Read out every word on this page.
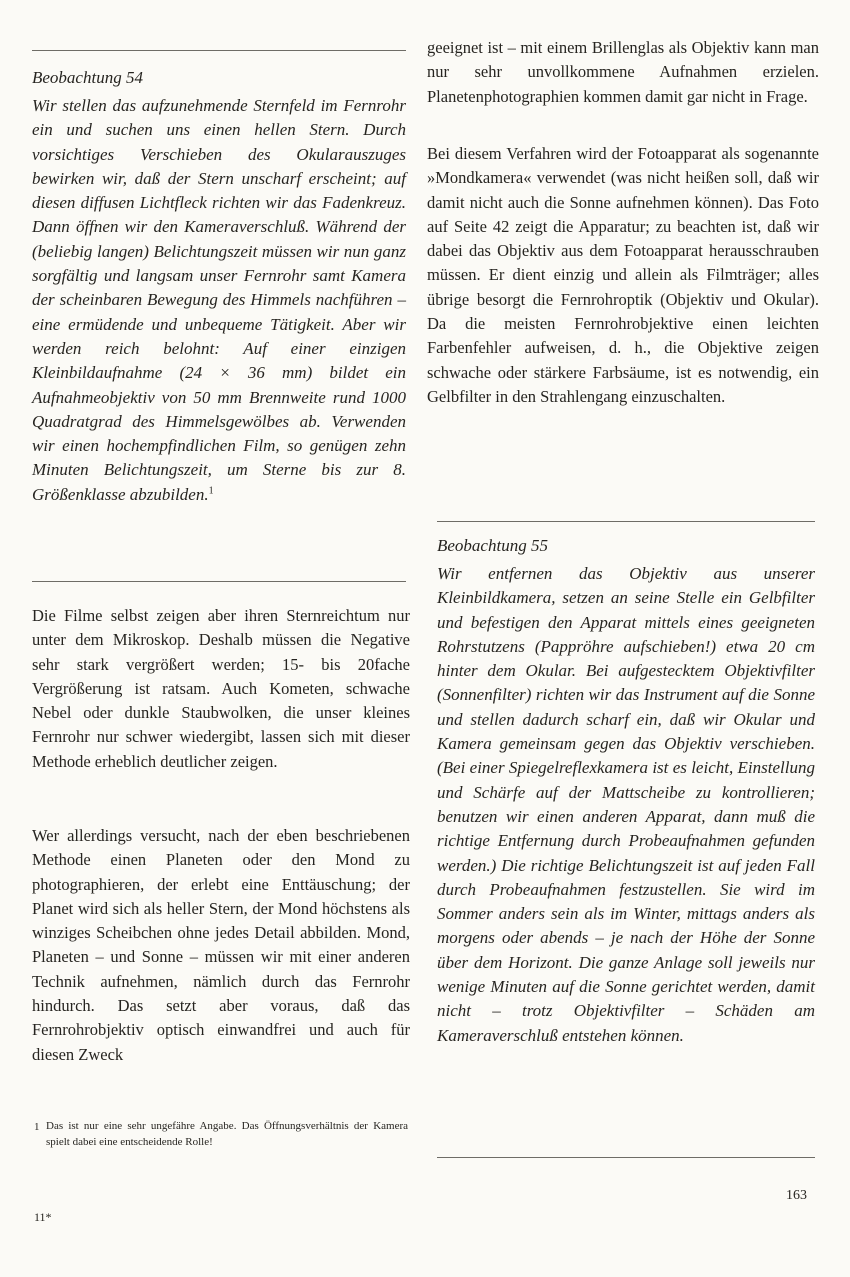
Beobachtung 54

Wir stellen das aufzunehmende Sternfeld im Fernrohr ein und suchen uns einen hellen Stern. Durch vorsichtiges Verschieben des Okularauszuges bewirken wir, daß der Stern unscharf erscheint; auf diesen diffusen Lichtfleck richten wir das Fadenkreuz. Dann öffnen wir den Kameraverschluß. Während der (beliebig langen) Belichtungszeit müssen wir nun ganz sorgfältig und langsam unser Fernrohr samt Kamera der scheinbaren Bewegung des Himmels nachführen – eine ermüdende und unbequeme Tätigkeit. Aber wir werden reich belohnt: Auf einer einzigen Kleinbildaufnahme (24 × 36 mm) bildet ein Aufnahmeobjektiv von 50 mm Brennweite rund 1000 Quadratgrad des Himmelsgewölbes ab. Verwenden wir einen hochempfindlichen Film, so genügen zehn Minuten Belichtungszeit, um Sterne bis zur 8. Größenklasse abzubilden.$^1$

Die Filme selbst zeigen aber ihren Sternreichtum nur unter dem Mikroskop. Deshalb müssen die Negative sehr stark vergrößert werden; 15- bis 20fache Vergrößerung ist ratsam. Auch Kometen, schwache Nebel oder dunkle Staubwolken, die unser kleines Fernrohr nur schwer wiedergibt, lassen sich mit dieser Methode erheblich deutlicher zeigen.

Wer allerdings versucht, nach der eben beschriebenen Methode einen Planeten oder den Mond zu photographieren, der erlebt eine Enttäuschung; der Planet wird sich als heller Stern, der Mond höchstens als winziges Scheibchen ohne jedes Detail abbilden. Mond, Planeten – und Sonne – müssen wir mit einer anderen Technik aufnehmen, nämlich durch das Fernrohr hindurch. Das setzt aber voraus, daß das Fernrohrobjektiv optisch einwandfrei und auch für diesen Zweck

1 Das ist nur eine sehr ungefähre Angabe. Das Öffnungsverhältnis der Kamera spielt dabei eine entscheidende Rolle!
11*

geeignet ist – mit einem Brillenglas als Objektiv kann man nur sehr unvollkommene Aufnahmen erzielen. Planetenphotographien kommen damit gar nicht in Frage.

Bei diesem Verfahren wird der Fotoapparat als sogenannte »Mondkamera« verwendet (was nicht heißen soll, daß wir damit nicht auch die Sonne aufnehmen können). Das Foto auf Seite 42 zeigt die Apparatur; zu beachten ist, daß wir dabei das Objektiv aus dem Fotoapparat herausschrauben müssen. Er dient einzig und allein als Filmträger; alles übrige besorgt die Fernrohroptik (Objektiv und Okular). Da die meisten Fernrohrobjektive einen leichten Farbenfehler aufweisen, d. h., die Objektive zeigen schwache oder stärkere Farbsäume, ist es notwendig, ein Gelbfilter in den Strahlengang einzuschalten.

Beobachtung 55

Wir entfernen das Objektiv aus unserer Kleinbildkamera, setzen an seine Stelle ein Gelbfilter und befestigen den Apparat mittels eines geeigneten Rohrstutzens (Pappröhre aufschieben!) etwa 20 cm hinter dem Okular. Bei aufgestecktem Objektivfilter (Sonnenfilter) richten wir das Instrument auf die Sonne und stellen dadurch scharf ein, daß wir Okular und Kamera gemeinsam gegen das Objektiv verschieben. (Bei einer Spiegelreflexkamera ist es leicht, Einstellung und Schärfe auf der Mattscheibe zu kontrollieren; benutzen wir einen anderen Apparat, dann muß die richtige Entfernung durch Probeaufnahmen gefunden werden.) Die richtige Belichtungszeit ist auf jeden Fall durch Probeaufnahmen festzustellen. Sie wird im Sommer anders sein als im Winter, mittags anders als morgens oder abends – je nach der Höhe der Sonne über dem Horizont. Die ganze Anlage soll jeweils nur wenige Minuten auf die Sonne gerichtet werden, damit nicht – trotz Objektivfilter – Schäden am Kameraverschluß entstehen können.

163
